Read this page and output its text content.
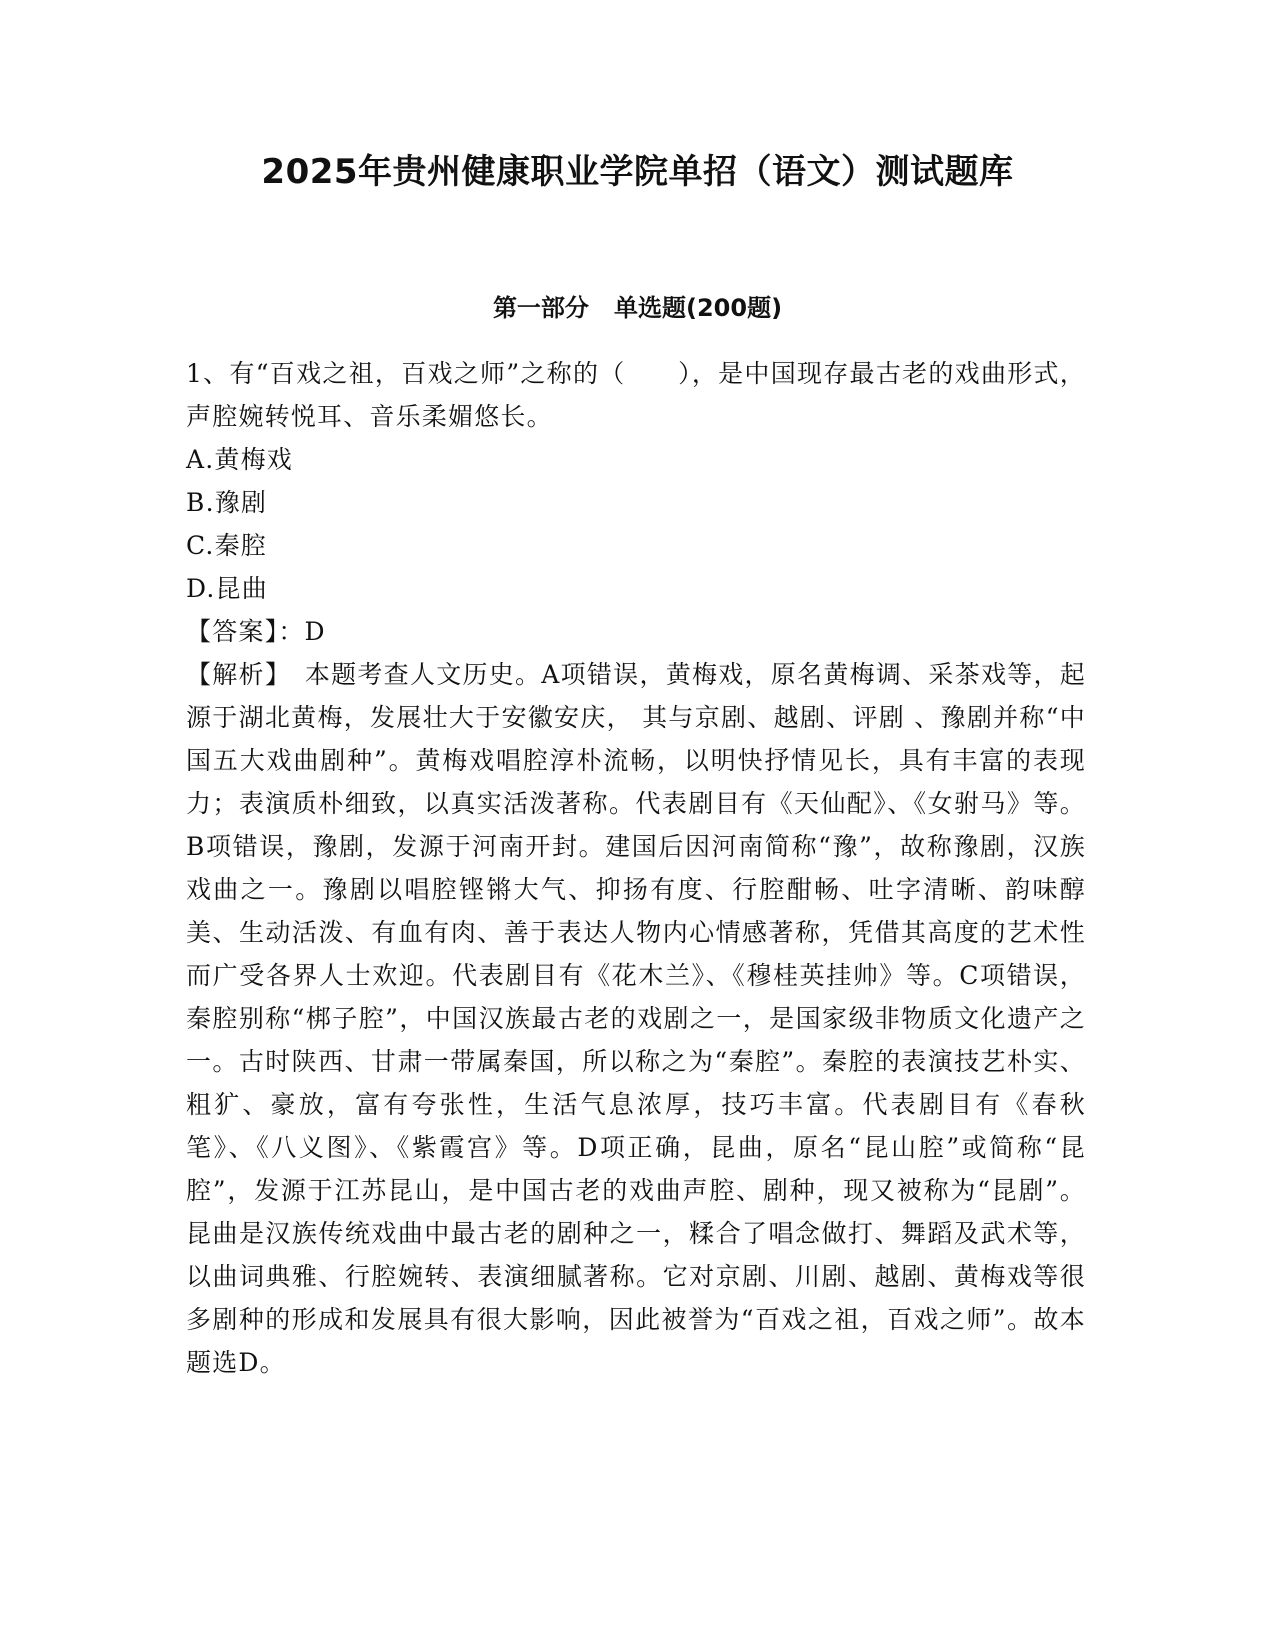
2025年贵州健康职业学院单招（语文）测试题库
第一部分   单选题(200题)

1、有“百戏之祖，百戏之师”之称的（　　），是中国现存最古老的戏曲形式，声腔婉转悦耳、音乐柔媚悠长。

A.黄梅戏

B.豫剧

C.秦腔

D.昆曲

【答案】：D

【解析】　本题考查人文历史。A项错误，黄梅戏，原名黄梅调、采茶戏等，起源于湖北黄梅，发展壮大于安徽安庆， 其与京剧、越剧、评剧 、豫剧并称“中国五大戏曲剧种”。黄梅戏唱腔淳朴流畅，以明快抒情见长，具有丰富的表现力；表演质朴细致，以真实活泼著称。代表剧目有《天仙配》、《女驸马》等。B项错误，豫剧，发源于河南开封。建国后因河南简称“豫”，故称豫剧，汉族戏曲之一。豫剧以唱腔铿锵大气、抑扬有度、行腔酣畅、吐字清晰、韵味醇美、生动活泼、有血有肉、善于表达人物内心情感著称，凭借其高度的艺术性而广受各界人士欢迎。代表剧目有《花木兰》、《穆桂英挂帅》等。C项错误，秦腔别称“梆子腔”，中国汉族最古老的戏剧之一，是国家级非物质文化遗产之一。古时陕西、甘肃一带属秦国，所以称之为“秦腔”。秦腔的表演技艺朴实、粗犷、豪放，富有夸张性，生活气息浓厚，技巧丰富。代表剧目有《春秋笔》、《八义图》、《紫霞宫》等。D项正确，昆曲，原名“昆山腔”或简称“昆腔”，发源于江苏昆山，是中国古老的戏曲声腔、剧种，现又被称为“昆剧”。昆曲是汉族传统戏曲中最古老的剧种之一，糅合了唱念做打、舞蹈及武术等，以曲词典雅、行腔婉转、表演细腻著称。它对京剧、川剧、越剧、黄梅戏等很多剧种的形成和发展具有很大影响，因此被誉为“百戏之祖，百戏之师”。故本题选D。
